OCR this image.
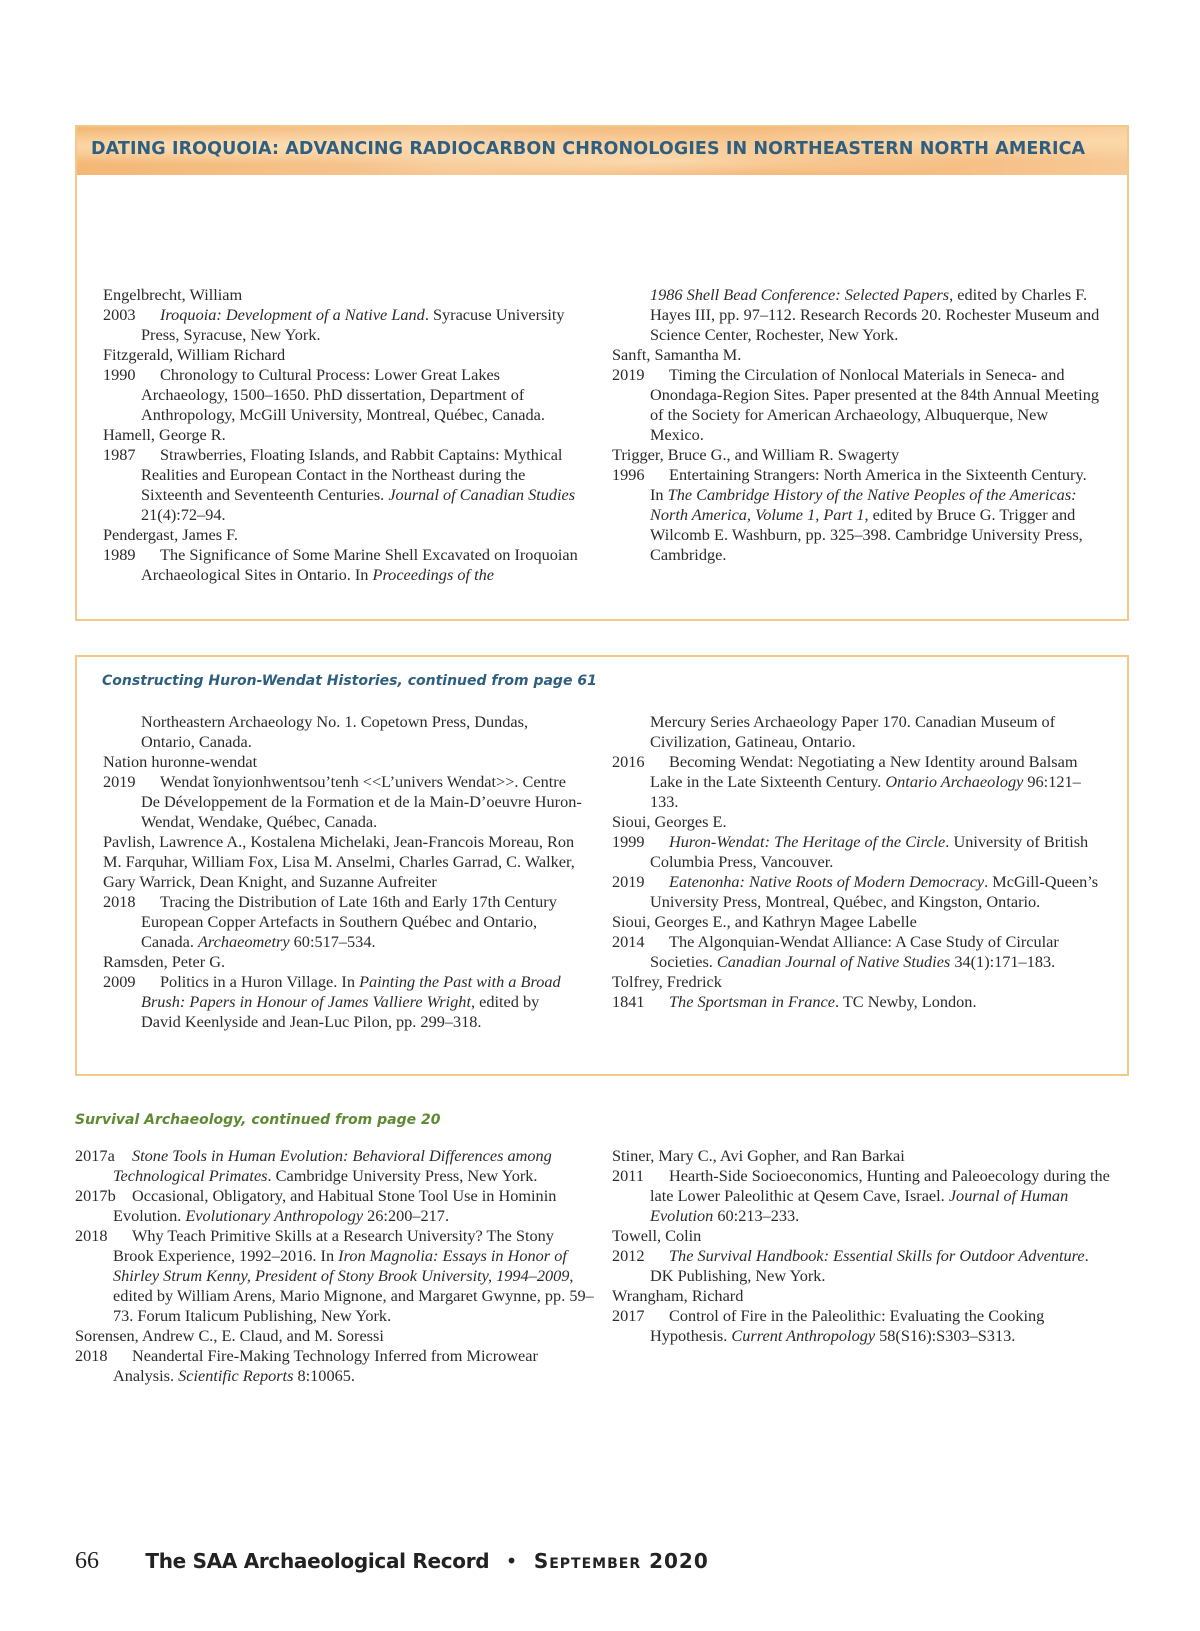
DATING IROQUOIA: ADVANCING RADIOCARBON CHRONOLOGIES IN NORTHEASTERN NORTH AMERICA
Engelbrecht, William
2003 Iroquoia: Development of a Native Land. Syracuse University Press, Syracuse, New York.
Fitzgerald, William Richard
1990 Chronology to Cultural Process: Lower Great Lakes Archaeology, 1500–1650. PhD dissertation, Department of Anthropology, McGill University, Montreal, Québec, Canada.
Hamell, George R.
1987 Strawberries, Floating Islands, and Rabbit Captains: Mythical Realities and European Contact in the Northeast during the Sixteenth and Seventeenth Centuries. Journal of Canadian Studies 21(4):72–94.
Pendergast, James F.
1989 The Significance of Some Marine Shell Excavated on Iroquoian Archaeological Sites in Ontario. In Proceedings of the
1986 Shell Bead Conference: Selected Papers, edited by Charles F. Hayes III, pp. 97–112. Research Records 20. Rochester Museum and Science Center, Rochester, New York.
Sanft, Samantha M.
2019 Timing the Circulation of Nonlocal Materials in Seneca- and Onondaga-Region Sites. Paper presented at the 84th Annual Meeting of the Society for American Archaeology, Albuquerque, New Mexico.
Trigger, Bruce G., and William R. Swagerty
1996 Entertaining Strangers: North America in the Sixteenth Century. In The Cambridge History of the Native Peoples of the Americas: North America, Volume 1, Part 1, edited by Bruce G. Trigger and Wilcomb E. Washburn, pp. 325–398. Cambridge University Press, Cambridge.
Constructing Huron-Wendat Histories, continued from page 61
Northeastern Archaeology No. 1. Copetown Press, Dundas, Ontario, Canada.
Nation huronne-wendat
2019 Wendat ĩonyionhwentsou’tenh <<L’univers Wendat>>. Centre De Développement de la Formation et de la Main-D’oeuvre Huron-Wendat, Wendake, Québec, Canada.
Pavlish, Lawrence A., Kostalena Michelaki, Jean-Francois Moreau, Ron M. Farquhar, William Fox, Lisa M. Anselmi, Charles Garrad, C. Walker, Gary Warrick, Dean Knight, and Suzanne Aufreiter
2018 Tracing the Distribution of Late 16th and Early 17th Century European Copper Artefacts in Southern Québec and Ontario, Canada. Archaeometry 60:517–534.
Ramsden, Peter G.
2009 Politics in a Huron Village. In Painting the Past with a Broad Brush: Papers in Honour of James Valliere Wright, edited by David Keenlyside and Jean-Luc Pilon, pp. 299–318.
Mercury Series Archaeology Paper 170. Canadian Museum of Civilization, Gatineau, Ontario.
2016 Becoming Wendat: Negotiating a New Identity around Balsam Lake in the Late Sixteenth Century. Ontario Archaeology 96:121–133.
Sioui, Georges E.
1999 Huron-Wendat: The Heritage of the Circle. University of British Columbia Press, Vancouver.
2019 Eatenonha: Native Roots of Modern Democracy. McGill-Queen’s University Press, Montreal, Québec, and Kingston, Ontario.
Sioui, Georges E., and Kathryn Magee Labelle
2014 The Algonquian-Wendat Alliance: A Case Study of Circular Societies. Canadian Journal of Native Studies 34(1):171–183.
Tolfrey, Fredrick
1841 The Sportsman in France. TC Newby, London.
Survival Archaeology, continued from page 20
2017a Stone Tools in Human Evolution: Behavioral Differences among Technological Primates. Cambridge University Press, New York.
2017b Occasional, Obligatory, and Habitual Stone Tool Use in Hominin Evolution. Evolutionary Anthropology 26:200–217.
2018 Why Teach Primitive Skills at a Research University? The Stony Brook Experience, 1992–2016. In Iron Magnolia: Essays in Honor of Shirley Strum Kenny, President of Stony Brook University, 1994–2009, edited by William Arens, Mario Mignone, and Margaret Gwynne, pp. 59–73. Forum Italicum Publishing, New York.
Sorensen, Andrew C., E. Claud, and M. Soressi
2018 Neandertal Fire-Making Technology Inferred from Microwear Analysis. Scientific Reports 8:10065.
Stiner, Mary C., Avi Gopher, and Ran Barkai
2011 Hearth-Side Socioeconomics, Hunting and Paleoecology during the late Lower Paleolithic at Qesem Cave, Israel. Journal of Human Evolution 60:213–233.
Towell, Colin
2012 The Survival Handbook: Essential Skills for Outdoor Adventure. DK Publishing, New York.
Wrangham, Richard
2017 Control of Fire in the Paleolithic: Evaluating the Cooking Hypothesis. Current Anthropology 58(S16):S303–S313.
66 The SAA Archaeological Record • September 2020
